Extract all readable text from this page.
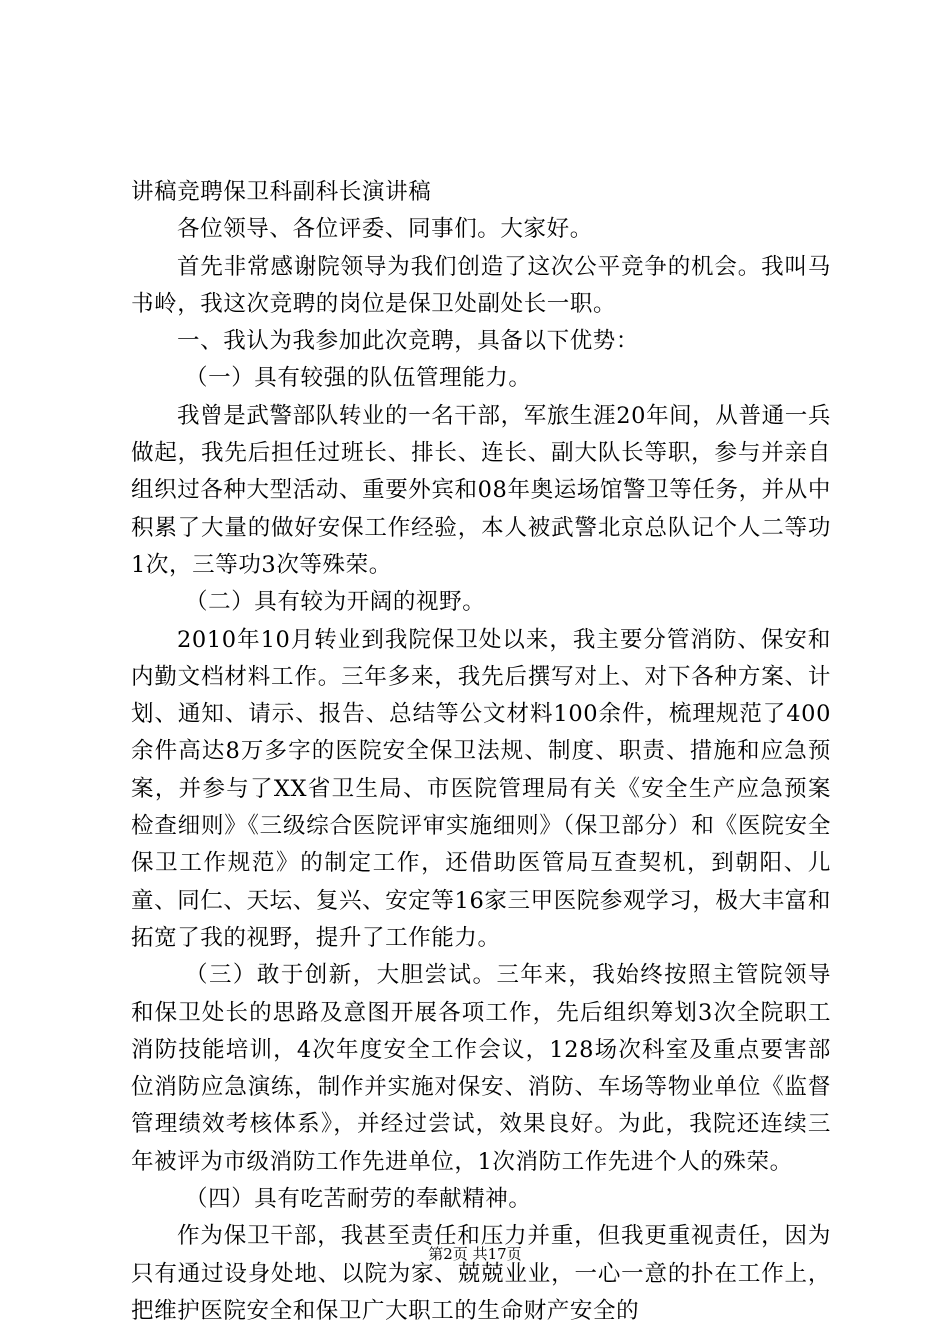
讲稿竞聘保卫科副科长演讲稿

各位领导、各位评委、同事们。大家好。

首先非常感谢院领导为我们创造了这次公平竞争的机会。我叫马书岭，我这次竞聘的岗位是保卫处副处长一职。

一、我认为我参加此次竞聘，具备以下优势：

（一）具有较强的队伍管理能力。

我曾是武警部队转业的一名干部，军旅生涯20年间，从普通一兵做起，我先后担任过班长、排长、连长、副大队长等职，参与并亲自组织过各种大型活动、重要外宾和08年奥运场馆警卫等任务，并从中积累了大量的做好安保工作经验，本人被武警北京总队记个人二等功1次，三等功3次等殊荣。

（二）具有较为开阔的视野。

2010年10月转业到我院保卫处以来，我主要分管消防、保安和内勤文档材料工作。三年多来，我先后撰写对上、对下各种方案、计划、通知、请示、报告、总结等公文材料100余件，梳理规范了400余件高达8万多字的医院安全保卫法规、制度、职责、措施和应急预案，并参与了XX省卫生局、市医院管理局有关《安全生产应急预案检查细则》《三级综合医院评审实施细则》（保卫部分）和《医院安全保卫工作规范》的制定工作，还借助医管局互查契机，到朝阳、儿童、同仁、天坛、复兴、安定等16家三甲医院参观学习，极大丰富和拓宽了我的视野，提升了工作能力。

（三）敢于创新，大胆尝试。三年来，我始终按照主管院领导和保卫处长的思路及意图开展各项工作，先后组织筹划3次全院职工消防技能培训，4次年度安全工作会议，128场次科室及重点要害部位消防应急演练，制作并实施对保安、消防、车场等物业单位《监督管理绩效考核体系》，并经过尝试，效果良好。为此，我院还连续三年被评为市级消防工作先进单位，1次消防工作先进个人的殊荣。

（四）具有吃苦耐劳的奉献精神。

作为保卫干部，我甚至责任和压力并重，但我更重视责任，因为只有通过设身处地、以院为家、兢兢业业，一心一意的扑在工作上，把维护医院安全和保卫广大职工的生命财产安全的

第2页 共17页
